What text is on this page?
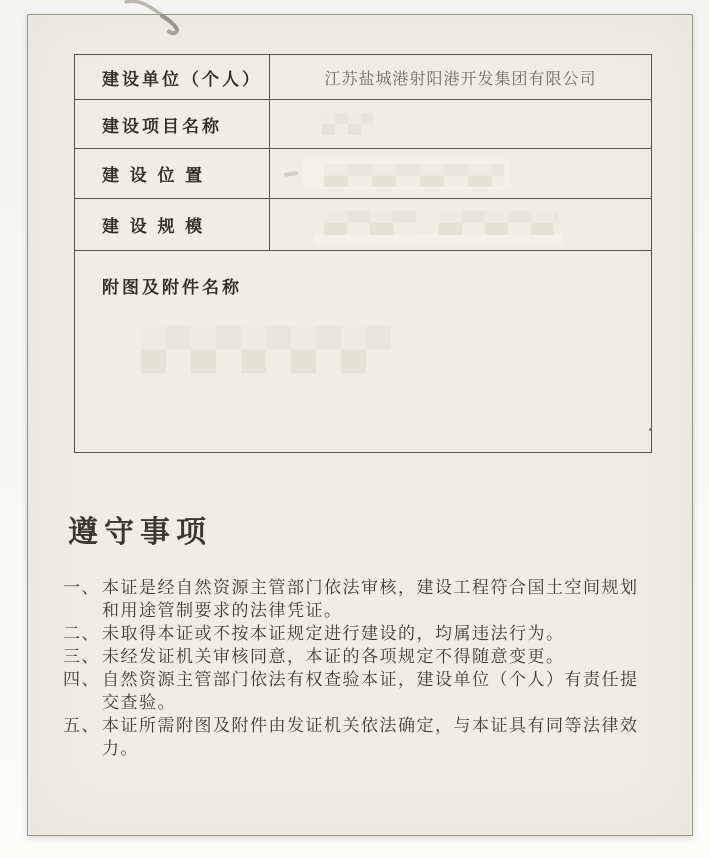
建设单位（个人）	江苏盐城港射阳港开发集团有限公司
建设项目名称
建 设 位 置
建 设 规 模
附图及附件名称
遵守事项
一、 本证是经自然资源主管部门依法审核，建设工程符合国土空间规划和用途管制要求的法律凭证。
二、 未取得本证或不按本证规定进行建设的，均属违法行为。
三、 未经发证机关审核同意，本证的各项规定不得随意变更。
四、 自然资源主管部门依法有权查验本证，建设单位（个人）有责任提交查验。
五、 本证所需附图及附件由发证机关依法确定，与本证具有同等法律效力。
